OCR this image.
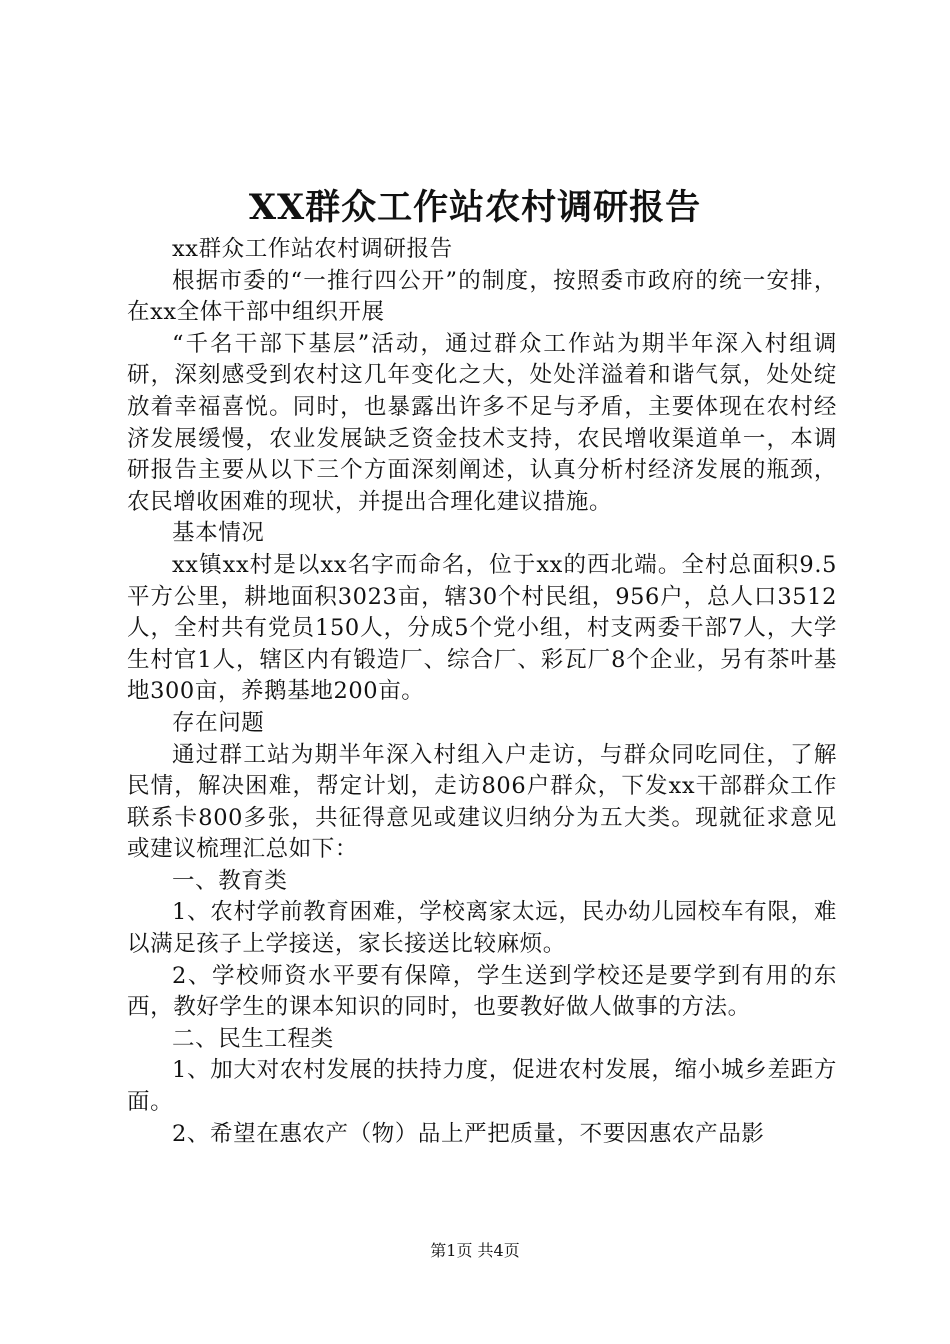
XX群众工作站农村调研报告

xx群众工作站农村调研报告

根据市委的“一推行四公开”的制度，按照委市政府的统一安排，在xx全体干部中组织开展

“千名干部下基层”活动，通过群众工作站为期半年深入村组调研，深刻感受到农村这几年变化之大，处处洋溢着和谐气氛，处处绽放着幸福喜悦。同时，也暴露出许多不足与矛盾，主要体现在农村经济发展缓慢，农业发展缺乏资金技术支持，农民增收渠道单一，本调研报告主要从以下三个方面深刻阐述，认真分析村经济发展的瓶颈，农民增收困难的现状，并提出合理化建议措施。

基本情况

xx镇xx村是以xx名字而命名，位于xx的西北端。全村总面积9.5平方公里，耕地面积3023亩，辖30个村民组，956户，总人口3512人，全村共有党员150人，分成5个党小组，村支两委干部7人，大学生村官1人，辖区内有锻造厂、综合厂、彩瓦厂8个企业，另有茶叶基地300亩，养鹅基地200亩。

存在问题

通过群工站为期半年深入村组入户走访，与群众同吃同住，了解民情，解决困难，帮定计划，走访806户群众，下发xx干部群众工作联系卡800多张，共征得意见或建议归纳分为五大类。现就征求意见或建议梳理汇总如下：

一、教育类

1、农村学前教育困难，学校离家太远，民办幼儿园校车有限，难以满足孩子上学接送，家长接送比较麻烦。

2、学校师资水平要有保障，学生送到学校还是要学到有用的东西，教好学生的课本知识的同时，也要教好做人做事的方法。

二、民生工程类

1、加大对农村发展的扶持力度，促进农村发展，缩小城乡差距方面。

2、希望在惠农产（物）品上严把质量，不要因惠农产品影

第1页 共4页
